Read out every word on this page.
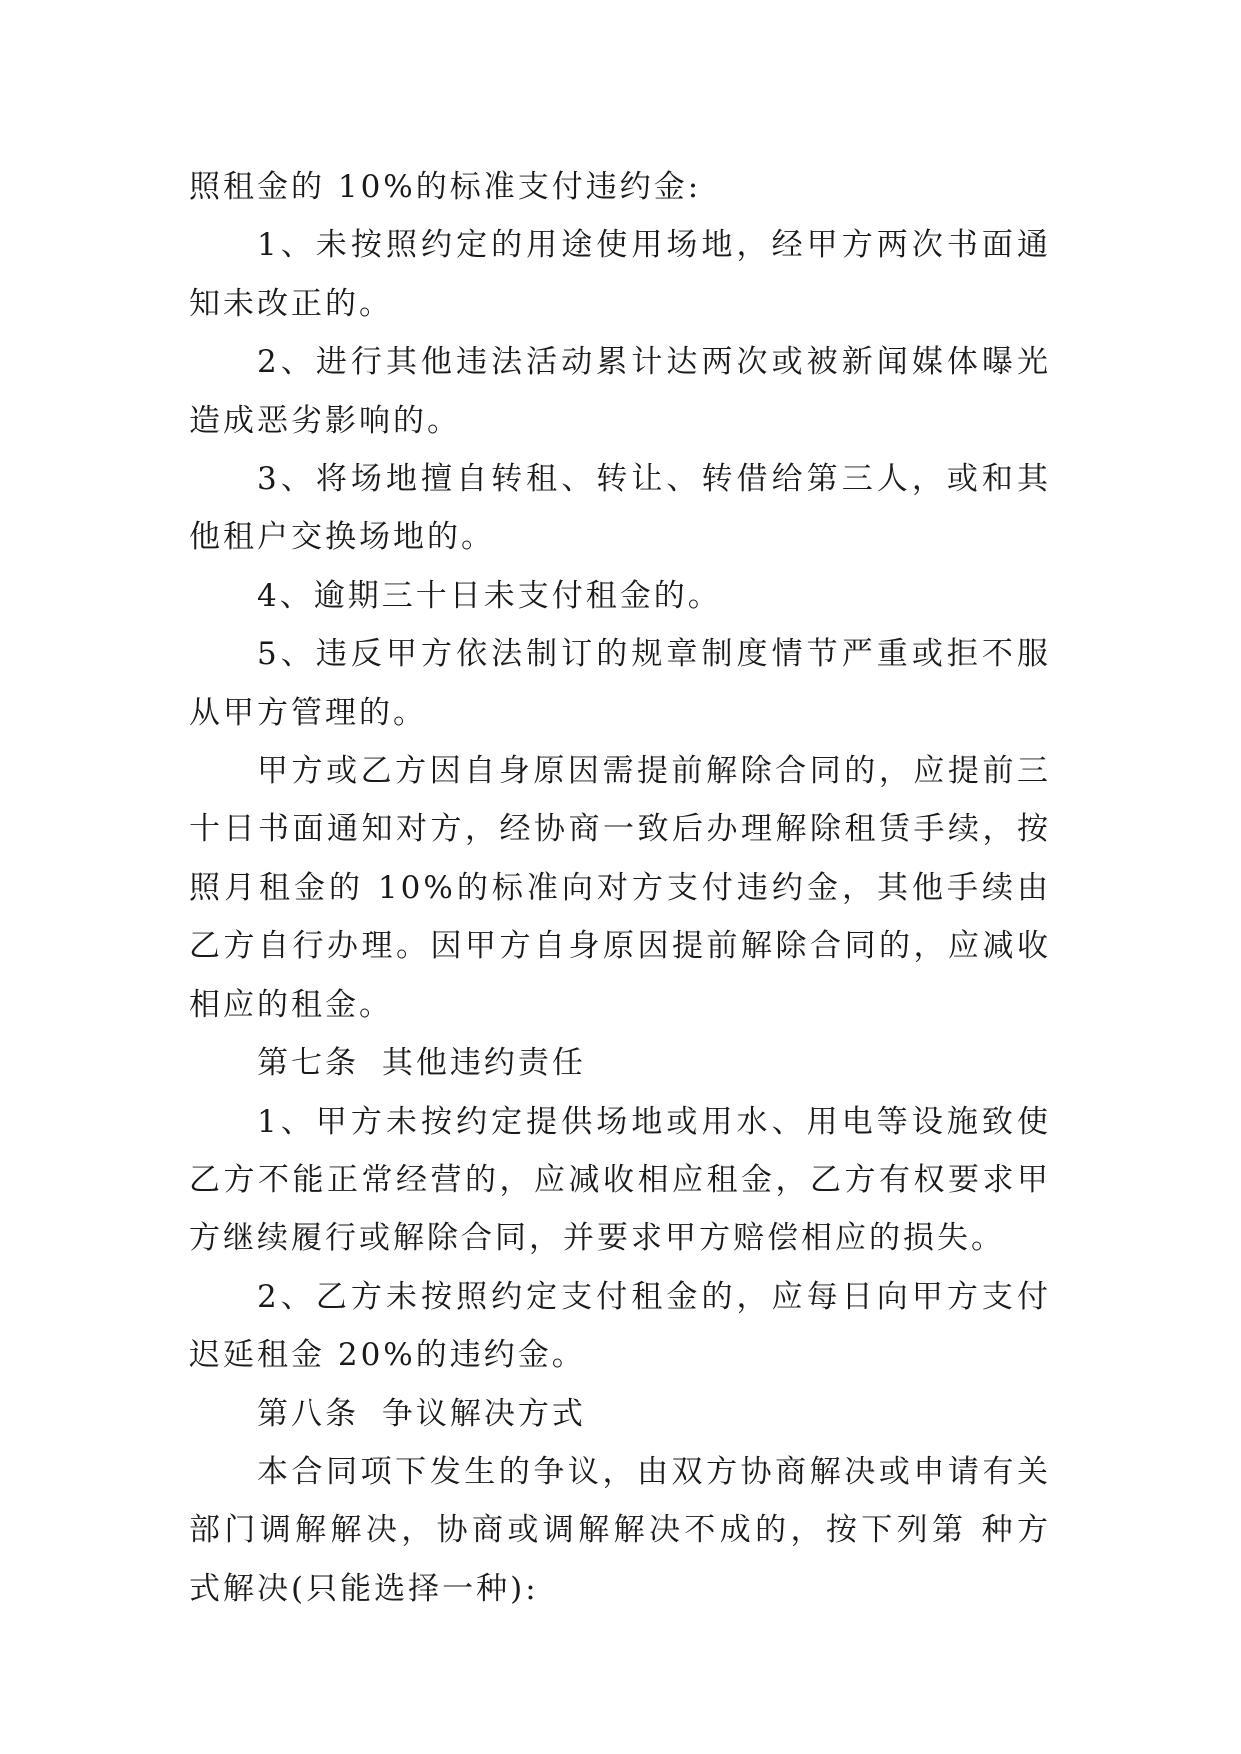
照租金的 10%的标准支付违约金:

1、未按照约定的用途使用场地，经甲方两次书面通知未改正的。

2、进行其他违法活动累计达两次或被新闻媒体曝光造成恶劣影响的。

3、将场地擅自转租、转让、转借给第三人，或和其他租户交换场地的。

4、逾期三十日未支付租金的。

5、违反甲方依法制订的规章制度情节严重或拒不服从甲方管理的。

甲方或乙方因自身原因需提前解除合同的，应提前三十日书面通知对方，经协商一致后办理解除租赁手续，按照月租金的 10%的标准向对方支付违约金，其他手续由乙方自行办理。因甲方自身原因提前解除合同的，应减收相应的租金。

第七条 其他违约责任

1、甲方未按约定提供场地或用水、用电等设施致使乙方不能正常经营的，应减收相应租金，乙方有权要求甲方继续履行或解除合同，并要求甲方赔偿相应的损失。

2、乙方未按照约定支付租金的，应每日向甲方支付迟延租金 20%的违约金。

第八条 争议解决方式

本合同项下发生的争议，由双方协商解决或申请有关部门调解解决，协商或调解解决不成的，按下列第 种方式解决(只能选择一种):
